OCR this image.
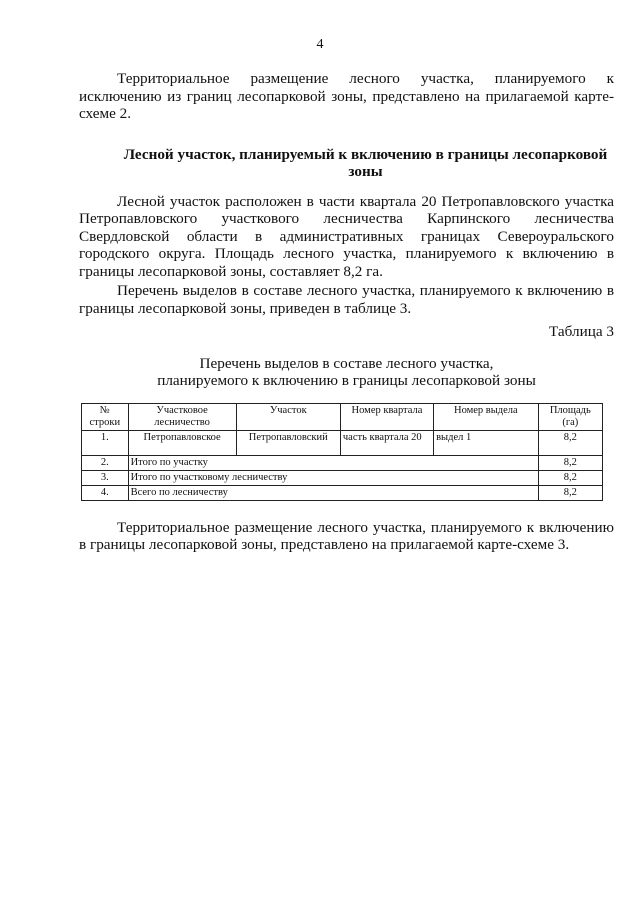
4

Территориальное размещение лесного участка, планируемого к исключению из границ лесопарковой зоны, представлено на прилагаемой карте-схеме 2.

Лесной участок, планируемый к включению в границы лесопарковой зоны

Лесной участок расположен в части квартала 20 Петропавловского участка Петропавловского участкового лесничества Карпинского лесничества Свердловской области в административных границах Североуральского городского округа. Площадь лесного участка, планируемого к включению в границы лесопарковой зоны, составляет 8,2 га.

Перечень выделов в составе лесного участка, планируемого к включению в границы лесопарковой зоны, приведен в таблице 3.

Таблица 3

Перечень выделов в составе лесного участка,
планируемого к включению в границы лесопарковой зоны
№ строки	Участковое лесничество	Участок	Номер квартала	Номер выдела	Площадь (га)
1.	Петропавловское	Петропавловский	часть квартала 20	выдел 1	8,2
2.	Итого по участку				8,2
3.	Итого по участковому лесничеству				8,2
4.	Всего по лесничеству				8,2

Территориальное размещение лесного участка, планируемого к включению в границы лесопарковой зоны, представлено на прилагаемой карте-схеме 3.
